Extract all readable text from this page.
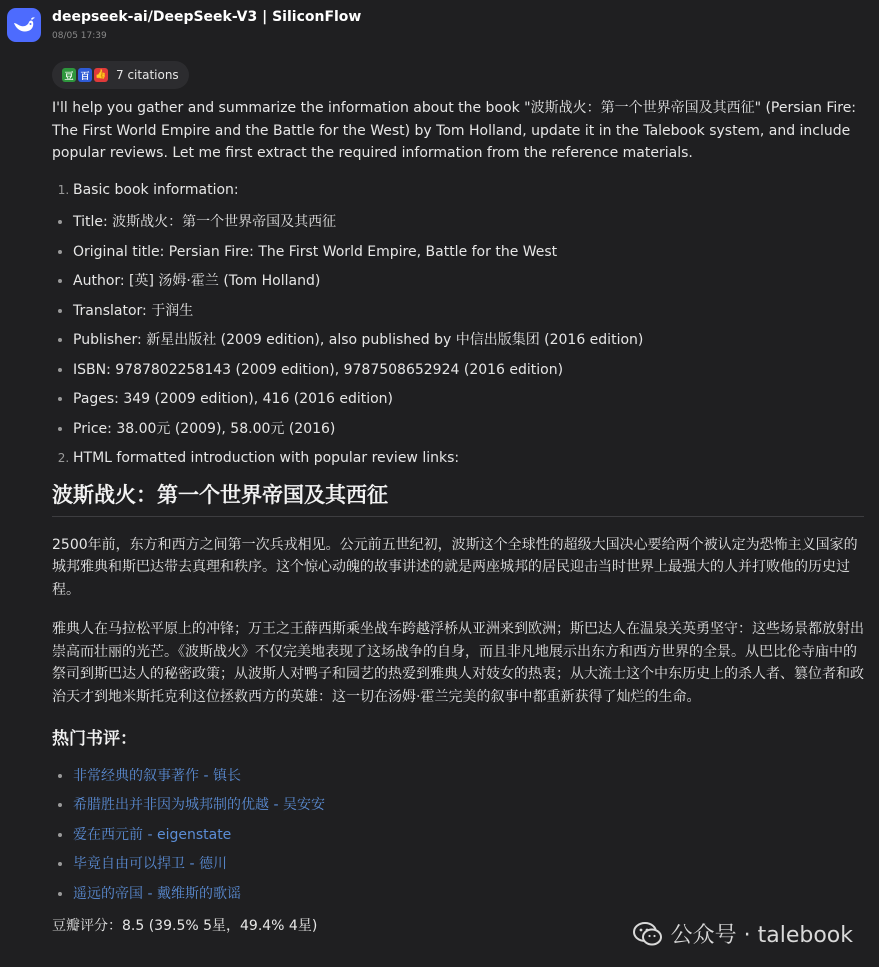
deepseek-ai/DeepSeek-V3 | SiliconFlow
08/05 17:39
豆 百 👍 7 citations

I'll help you gather and summarize the information about the book "波斯战火：第一个世界帝国及其西征" (Persian Fire: The First World Empire and the Battle for the West) by Tom Holland, update it in the Talebook system, and include popular reviews. Let me first extract the required information from the reference materials.

1. Basic book information:
• Title: 波斯战火：第一个世界帝国及其西征
• Original title: Persian Fire: The First World Empire, Battle for the West
• Author: [英] 汤姆·霍兰 (Tom Holland)
• Translator: 于润生
• Publisher: 新星出版社 (2009 edition), also published by 中信出版集团 (2016 edition)
• ISBN: 9787802258143 (2009 edition), 9787508652924 (2016 edition)
• Pages: 349 (2009 edition), 416 (2016 edition)
• Price: 38.00元 (2009), 58.00元 (2016)
2. HTML formatted introduction with popular review links:
波斯战火：第一个世界帝国及其西征

2500年前，东方和西方之间第一次兵戎相见。公元前五世纪初，波斯这个全球性的超级大国决心要给两个被认定为恐怖主义国家的城邦雅典和斯巴达带去真理和秩序。这个惊心动魄的故事讲述的就是两座城邦的居民迎击当时世界上最强大的人并打败他的历史过程。

雅典人在马拉松平原上的冲锋；万王之王薛西斯乘坐战车跨越浮桥从亚洲来到欧洲；斯巴达人在温泉关英勇坚守：这些场景都放射出崇高而壮丽的光芒。《波斯战火》不仅完美地表现了这场战争的自身，而且非凡地展示出东方和西方世界的全景。从巴比伦寺庙中的祭司到斯巴达人的秘密政策；从波斯人对鸭子和园艺的热爱到雅典人对妓女的热衷；从大流士这个中东历史上的杀人者、篡位者和政治天才到地米斯托克利这位拯救西方的英雄：这一切在汤姆·霍兰完美的叙事中都重新获得了灿烂的生命。

热门书评：
• 非常经典的叙事著作 - 镇长
• 希腊胜出并非因为城邦制的优越 - 吴安安
• 爱在西元前 - eigenstate
• 毕竟自由可以捍卫 - 德川
• 遥远的帝国 - 戴维斯的歌谣

豆瓣评分：8.5 (39.5% 5星，49.4% 4星)	公众号 · talebook
